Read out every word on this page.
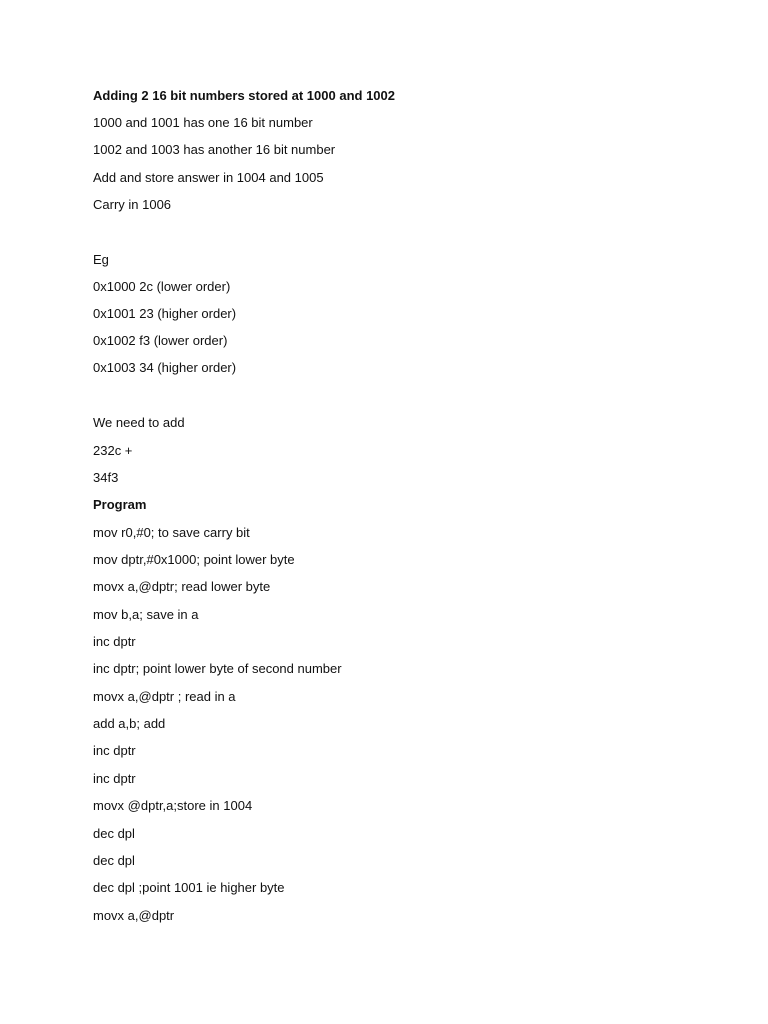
Adding 2 16 bit numbers stored at 1000 and 1002
1000 and 1001 has one 16 bit number
1002 and 1003 has another 16 bit number
Add and store answer in 1004 and 1005
Carry in 1006
Eg
0x1000 2c (lower order)
0x1001 23 (higher order)
0x1002 f3 (lower order)
0x1003 34 (higher order)
We need to add
232c +
34f3
Program
mov r0,#0; to save carry bit
mov dptr,#0x1000; point lower byte
movx a,@dptr; read lower byte
mov b,a; save in a
inc dptr
inc dptr; point lower byte of second number
movx a,@dptr ; read in a
add a,b; add
inc dptr
inc dptr
movx @dptr,a;store in 1004
dec dpl
dec dpl
dec dpl ;point 1001 ie higher byte
movx a,@dptr
